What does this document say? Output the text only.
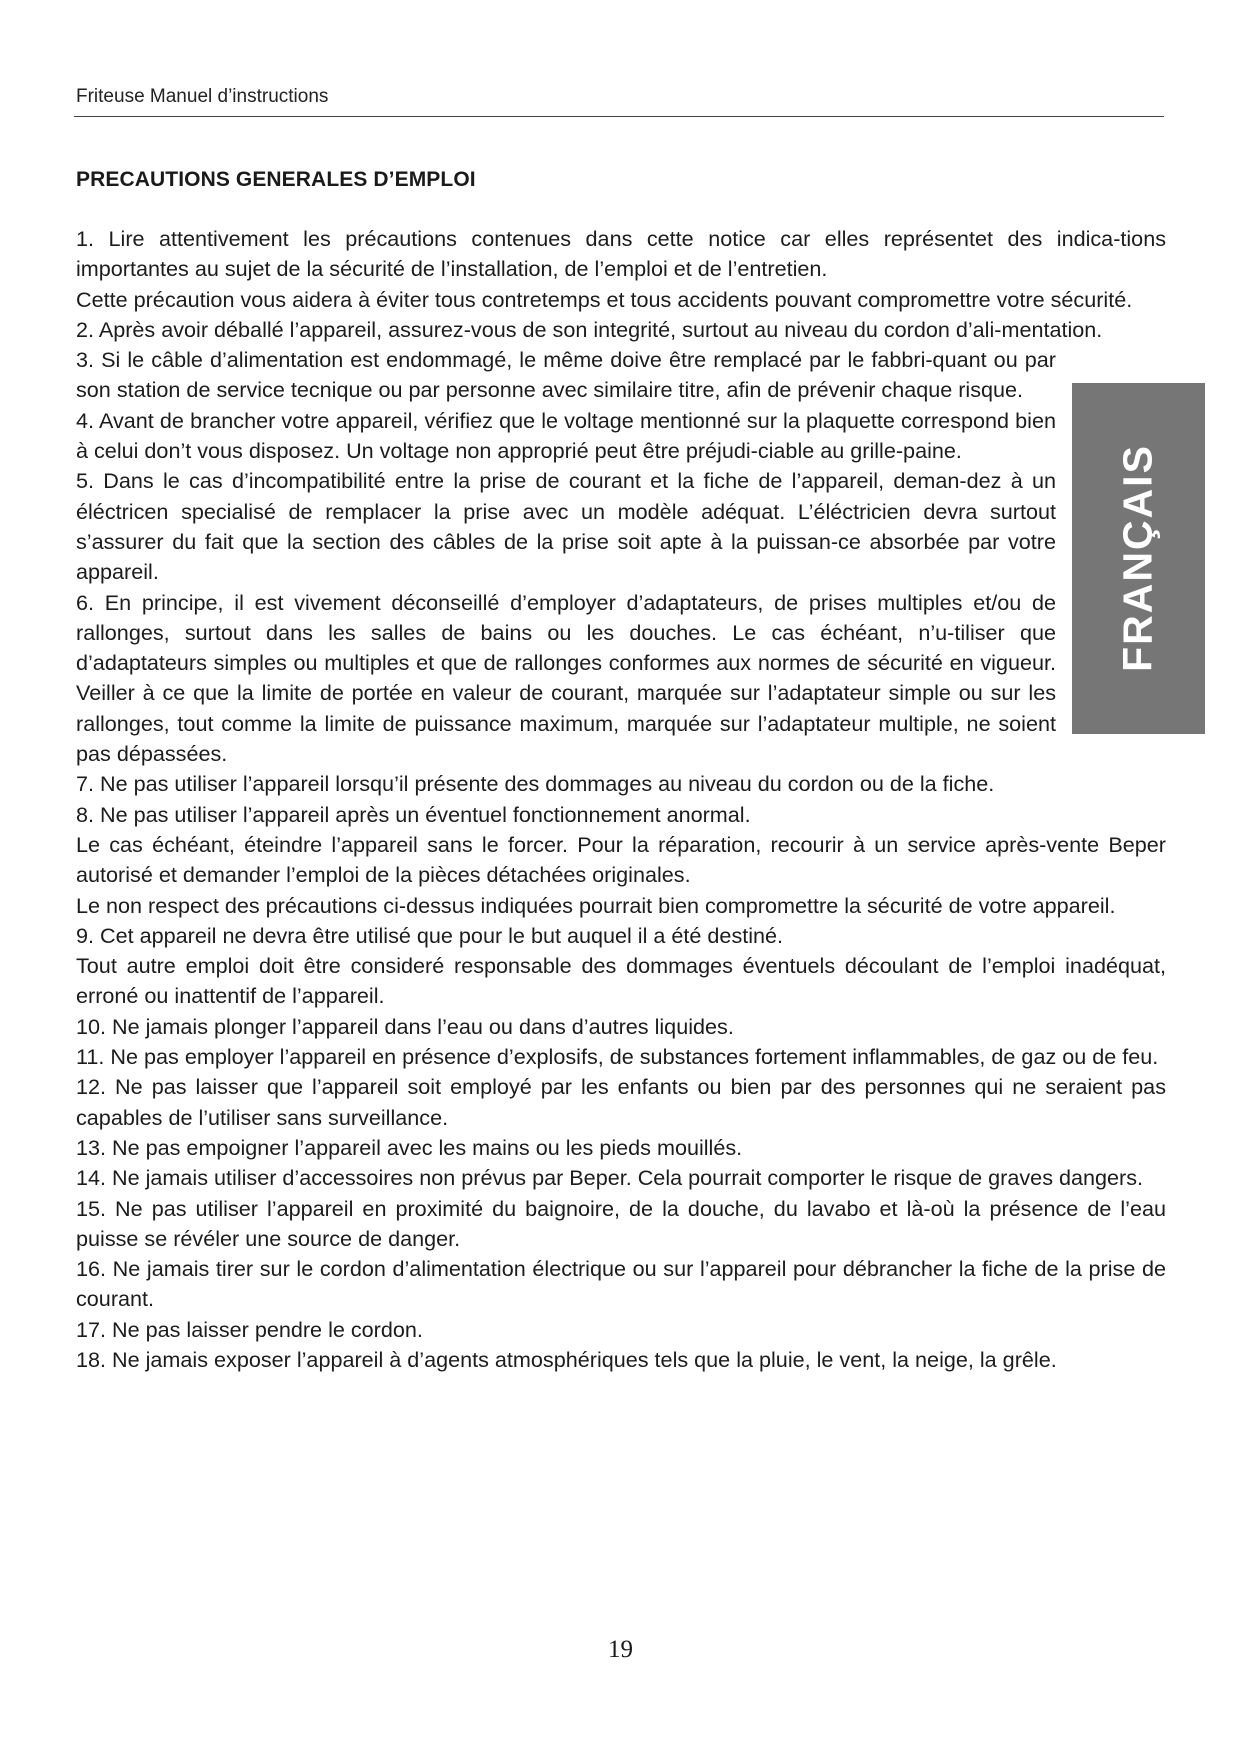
Friteuse Manuel d’instructions
PRECAUTIONS GENERALES D’EMPLOI

1. Lire attentivement les précautions contenues dans cette notice car elles représentet des indica-tions importantes au sujet de la sécurité de l’installation, de l’emploi et de l’entretien.

Cette précaution vous aidera à éviter tous contretemps et tous accidents pouvant compromettre votre sécurité.

2. Après avoir déballé l’appareil, assurez-vous de son integrité, surtout au niveau du cordon d’ali-mentation.

3. Si le câble d’alimentation est endommagé, le même doive être remplacé par le fabbri-quant ou par son station de service tecnique ou par personne avec similaire titre, afin de prévenir chaque risque.

4. Avant de brancher votre appareil, vérifiez que le voltage mentionné sur la plaquette correspond bien à celui don’t vous disposez. Un voltage non approprié peut être préjudi-ciable au grille-paine.

5. Dans le cas d’incompatibilité entre la prise de courant et la fiche de l’appareil, deman-dez à un éléctricen specialisé de remplacer la prise avec un modèle adéquat. L’éléctricien devra surtout s’assurer du fait que la section des câbles de la prise soit apte à la puissan-ce absorbée par votre appareil.

6. En principe, il est vivement déconseillé d’employer d’adaptateurs, de prises multiples et/ou de rallonges, surtout dans les salles de bains ou les douches. Le cas échéant, n’u-tiliser que d’adaptateurs simples ou multiples et que de rallonges conformes aux normes de sécurité en vigueur. Veiller à ce que la limite de portée en valeur de courant, marquée sur l’adaptateur simple ou sur les rallonges, tout comme la limite de puissance maximum, marquée sur l’adaptateur multiple, ne soient pas dépassées.

7. Ne pas utiliser l’appareil lorsqu’il présente des dommages au niveau du cordon ou de la fiche.

8. Ne pas utiliser l’appareil après un éventuel fonctionnement anormal.

Le cas échéant, éteindre l’appareil sans le forcer. Pour la réparation, recourir à un service après-vente Beper autorisé et demander l’emploi de la pièces détachées originales.

Le non respect des précautions ci-dessus indiquées pourrait bien compromettre la sécurité de votre appareil.

9. Cet appareil ne devra être utilisé que pour le but auquel il a été destiné.

Tout autre emploi doit être consideré responsable des dommages éventuels découlant de l’emploi inadéquat, erroné ou inattentif de l’appareil.

10. Ne jamais plonger l’appareil dans l’eau ou dans d’autres liquides.

11. Ne pas employer l’appareil en présence d’explosifs, de substances fortement inflammables, de gaz ou de feu.

12. Ne pas laisser que l’appareil soit employé par les enfants ou bien par des personnes qui ne seraient pas capables de l’utiliser sans surveillance.

13. Ne pas empoigner l’appareil avec les mains ou les pieds mouillés.

14. Ne jamais utiliser d’accessoires non prévus par Beper. Cela pourrait comporter le risque de graves dangers.

15. Ne pas utiliser l’appareil en proximité du baignoire, de la douche, du lavabo et là-où la présence de l’eau puisse se révéler une source de danger.

16. Ne jamais tirer sur le cordon d’alimentation électrique ou sur l’appareil pour débrancher la fiche de la prise de courant.

17. Ne pas laisser pendre le cordon.

18. Ne jamais exposer l’appareil à d’agents atmosphériques tels que la pluie, le vent, la neige, la grêle.

FRANÇAIS
19
